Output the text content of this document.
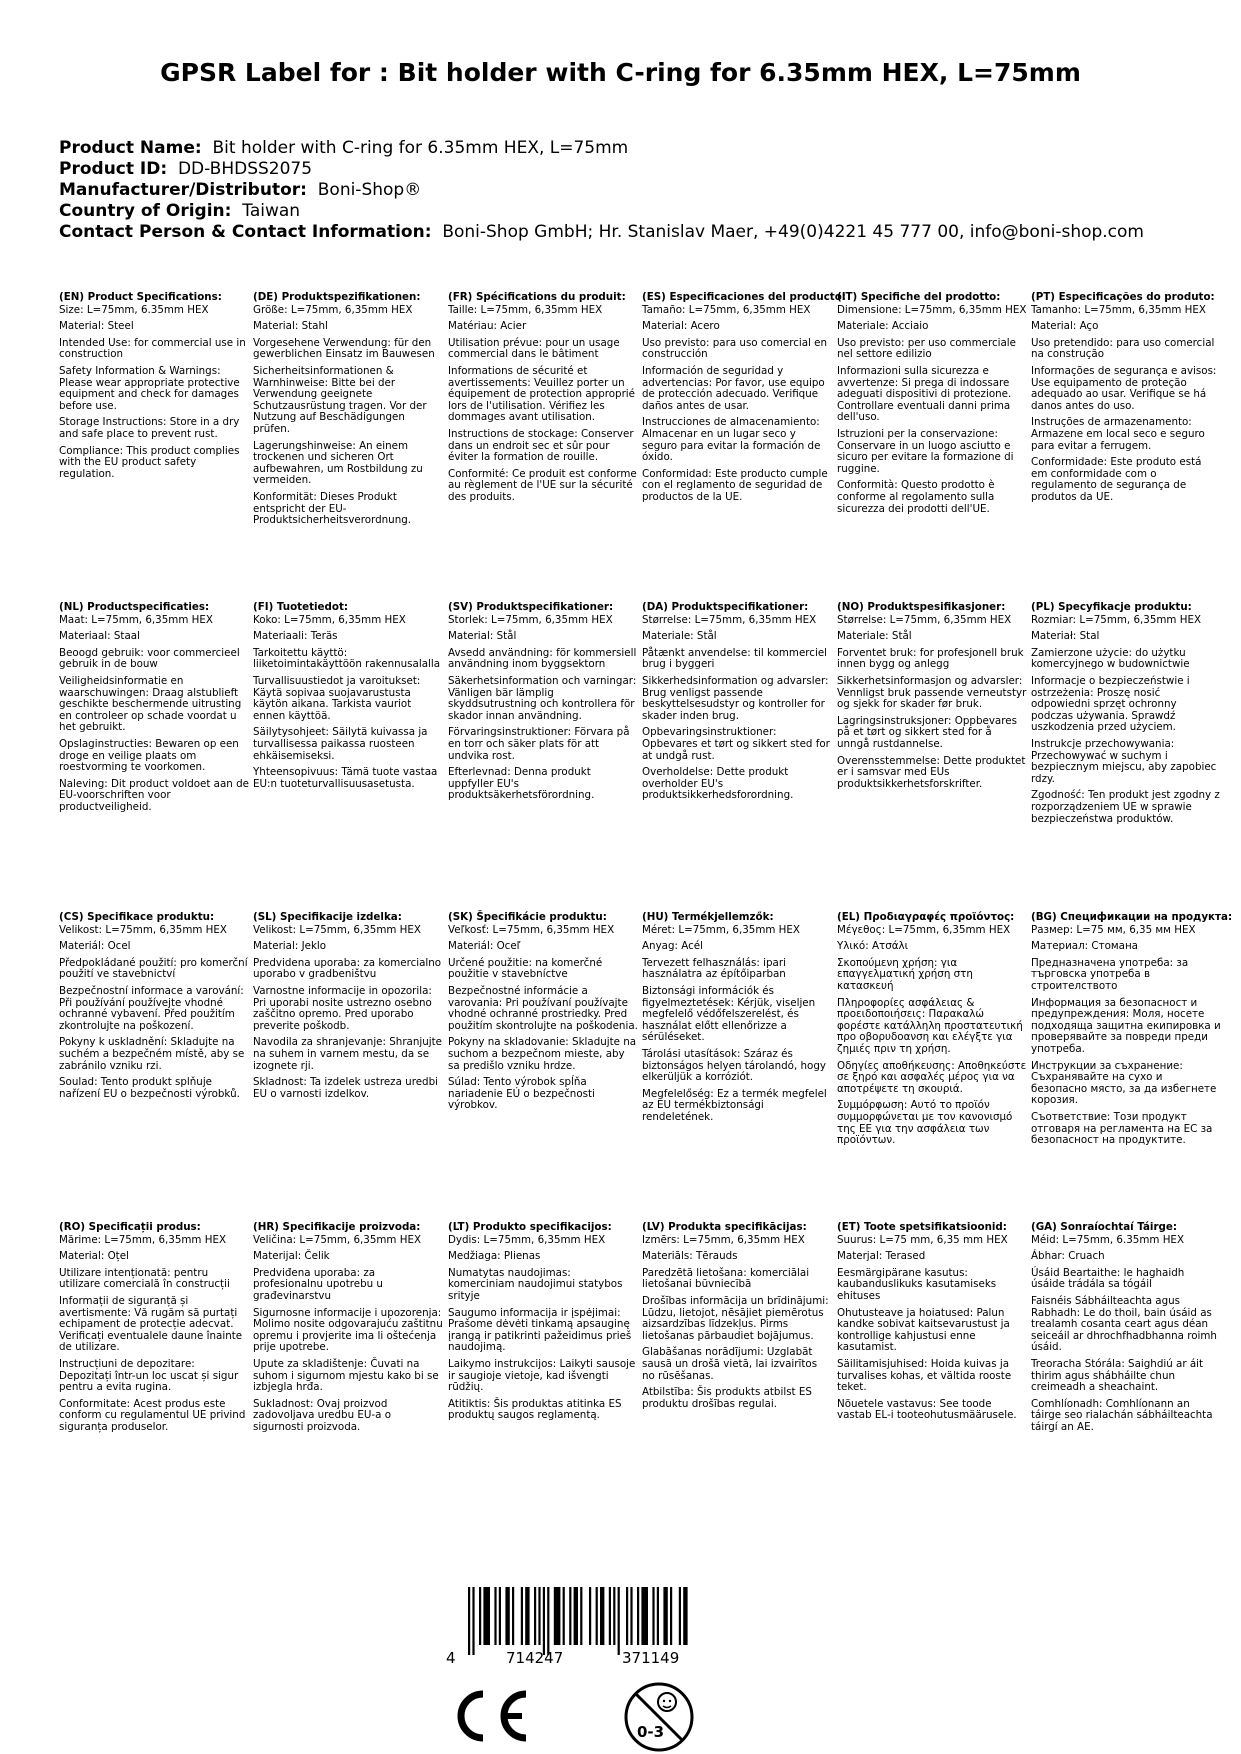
GPSR Label for : Bit holder with C-ring for 6.35mm HEX, L=75mm
Product Name: Bit holder with C-ring for 6.35mm HEX, L=75mm
Product ID: DD-BHDSS2075
Manufacturer/Distributor: Boni-Shop®
Country of Origin: Taiwan
Contact Person & Contact Information: Boni-Shop GmbH; Hr. Stanislav Maer, +49(0)4221 45 777 00, info@boni-shop.com
(EN) Product Specifications:
Size: L=75mm, 6.35mm HEX
Material: Steel
Intended Use: for commercial use in construction
Safety Information & Warnings: Please wear appropriate protective equipment and check for damages before use.
Storage Instructions: Store in a dry and safe place to prevent rust.
Compliance: This product complies with the EU product safety regulation.
(DE) Produktspezifikationen:
Größe: L=75mm, 6,35mm HEX
Material: Stahl
Vorgesehene Verwendung: für den gewerblichen Einsatz im Bauwesen
Sicherheitsinformationen & Warnhinweise: Bitte bei der Verwendung geeignete Schutzausrüstung tragen. Vor der Nutzung auf Beschädigungen prüfen.
Lagerungshinweise: An einem trockenen und sicheren Ort aufbewahren, um Rostbildung zu vermeiden.
Konformität: Dieses Produkt entspricht der EU-Produktsicherheitsverordnung.
(FR) Spécifications du produit:
Taille: L=75mm, 6,35mm HEX
Matériau: Acier
Utilisation prévue: pour un usage commercial dans le bâtiment
Informations de sécurité et avertissements: Veuillez porter un équipement de protection approprié lors de l'utilisation. Vérifiez les dommages avant utilisation.
Instructions de stockage: Conserver dans un endroit sec et sûr pour éviter la formation de rouille.
Conformité: Ce produit est conforme au règlement de l'UE sur la sécurité des produits.
(ES) Especificaciones del producto:
Tamaño: L=75mm, 6,35mm HEX
Material: Acero
Uso previsto: para uso comercial en construcción
Información de seguridad y advertencias: Por favor, use equipo de protección adecuado. Verifique daños antes de usar.
Instrucciones de almacenamiento: Almacenar en un lugar seco y seguro para evitar la formación de óxido.
Conformidad: Este producto cumple con el reglamento de seguridad de productos de la UE.
(IT) Specifiche del prodotto:
Dimensione: L=75mm, 6,35mm HEX
Materiale: Acciaio
Uso previsto: per uso commerciale nel settore edilizio
Informazioni sulla sicurezza e avvertenze: Si prega di indossare adeguati dispositivi di protezione. Controllare eventuali danni prima dell'uso.
Istruzioni per la conservazione: Conservare in un luogo asciutto e sicuro per evitare la formazione di ruggine.
Conformità: Questo prodotto è conforme al regolamento sulla sicurezza dei prodotti dell'UE.
(PT) Especificações do produto:
Tamanho: L=75mm, 6,35mm HEX
Material: Aço
Uso pretendido: para uso comercial na construção
Informações de segurança e avisos: Use equipamento de proteção adequado ao usar. Verifique se há danos antes do uso.
Instruções de armazenamento: Armazene em local seco e seguro para evitar a ferrugem.
Conformidade: Este produto está em conformidade com o regulamento de segurança de produtos da UE.
(NL) Productspecificaties:
Maat: L=75mm, 6,35mm HEX
Materiaal: Staal
Beoogd gebruik: voor commercieel gebruik in de bouw
Veiligheidsinformatie en waarschuwingen: Draag alstublieft geschikte beschermende uitrusting en controleer op schade voordat u het gebruikt.
Opslaginstructies: Bewaren op een droge en veilige plaats om roestvorming te voorkomen.
Naleving: Dit product voldoet aan de EU-voorschriften voor productveiligheid.
(FI) Tuotetiedot:
Koko: L=75mm, 6,35mm HEX
Materiaali: Teräs
Tarkoitettu käyttö: liiketoimintakäyttöön rakennusalalla
Turvallisuustiedot ja varoitukset: Käytä sopivaa suojavarustusta käytön aikana. Tarkista vauriot ennen käyttöä.
Säilytysohjeet: Säilytä kuivassa ja turvallisessa paikassa ruosteen ehkäisemiseksi.
Yhteensopivuus: Tämä tuote vastaa EU:n tuoteturvallisuusasetusta.
(SV) Produktspecifikationer:
Storlek: L=75mm, 6,35mm HEX
Material: Stål
Avsedd användning: för kommersiell användning inom byggsektorn
Säkerhetsinformation och varningar: Vänligen bär lämplig skyddsutrustning och kontrollera för skador innan användning.
Förvaringsinstruktioner: Förvara på en torr och säker plats för att undvika rost.
Efterlevnad: Denna produkt uppfyller EU's produktsäkerhetsförordning.
(DA) Produktspecifikationer:
Størrelse: L=75mm, 6,35mm HEX
Materiale: Stål
Påtænkt anvendelse: til kommerciel brug i byggeri
Sikkerhedsinformation og advarsler: Brug venligst passende beskyttelsesudstyr og kontroller for skader inden brug.
Opbevaringsinstruktioner: Opbevares et tørt og sikkert sted for at undgå rust.
Overholdelse: Dette produkt overholder EU's produktsikkerhedsforordning.
(NO) Produktspesifikasjoner:
Størrelse: L=75mm, 6,35mm HEX
Materiale: Stål
Forventet bruk: for profesjonell bruk innen bygg og anlegg
Sikkerhetsinformasjon og advarsler: Vennligst bruk passende verneutstyr og sjekk for skader før bruk.
Lagringsinstruksjoner: Oppbevares på et tørt og sikkert sted for å unngå rustdannelse.
Overensstemmelse: Dette produktet er i samsvar med EUs produktsikkerhetsforskrifter.
(PL) Specyfikacje produktu:
Rozmiar: L=75mm, 6,35mm HEX
Materiał: Stal
Zamierzone użycie: do użytku komercyjnego w budownictwie
Informacje o bezpieczeństwie i ostrzeżenia: Proszę nosić odpowiedni sprzęt ochronny podczas używania. Sprawdź uszkodzenia przed użyciem.
Instrukcje przechowywania: Przechowywać w suchym i bezpiecznym miejscu, aby zapobiec rdzy.
Zgodność: Ten produkt jest zgodny z rozporządzeniem UE w sprawie bezpieczeństwa produktów.
(CS) Specifikace produktu:
Velikost: L=75mm, 6,35mm HEX
Materiál: Ocel
Předpokládané použití: pro komerční použití ve stavebnictví
Bezpečnostní informace a varování: Při používání používejte vhodné ochranné vybavení. Před použitím zkontrolujte na poškození.
Pokyny k uskladnění: Skladujte na suchém a bezpečném místě, aby se zabránilo vzniku rzi.
Soulad: Tento produkt splňuje nařízení EU o bezpečnosti výrobků.
(SL) Specifikacije izdelka:
Velikost: L=75mm, 6,35mm HEX
Material: Jeklo
Predvidena uporaba: za komercialno uporabo v gradbeništvu
Varnostne informacije in opozorila: Pri uporabi nosite ustrezno osebno zaščitno opremo. Pred uporabo preverite poškodb.
Navodila za shranjevanje: Shranjujte na suhem in varnem mestu, da se izognete rji.
Skladnost: Ta izdelek ustreza uredbi EU o varnosti izdelkov.
(SK) Špecifikácie produktu:
Veľkosť: L=75mm, 6,35mm HEX
Materiál: Oceľ
Určené použitie: na komerčné použitie v stavebníctve
Bezpečnostné informácie a varovania: Pri používaní používajte vhodné ochranné prostriedky. Pred použitím skontrolujte na poškodenia.
Pokyny na skladovanie: Skladujte na suchom a bezpečnom mieste, aby sa predišlo vzniku hrdze.
Súlad: Tento výrobok spĺňa nariadenie EÚ o bezpečnosti výrobkov.
(HU) Termékjellemzők:
Méret: L=75mm, 6,35mm HEX
Anyag: Acél
Tervezett felhasználás: ipari használatra az építőiparban
Biztonsági információk és figyelmeztetések: Kérjük, viseljen megfelelő védőfelszerelést, és használat előtt ellenőrizze a sérüléseket.
Tárolási utasítások: Száraz és biztonságos helyen tárolandó, hogy elkerüljük a korróziót.
Megfelelőség: Ez a termék megfelel az EU termékbiztonsági rendeletének.
(EL) Προδιαγραφές προϊόντος:
Μέγεθος: L=75mm, 6,35mm HEX
Υλικό: Ατσάλι
Σκοπούμενη χρήση: για επαγγελματική χρήση στη κατασκευή
Πληροφορίες ασφάλειας & προειδοποιήσεις: Παρακαλώ φορέστε κατάλληλη προστατευτική προ οβορυδοανση και ελέγξτε για ζημιές πριν τη χρήση.
Οδηγίες αποθήκευσης: Αποθηκεύστε σε ξηρό και ασφαλές μέρος για να αποτρέψετε τη σκουριά.
Συμμόρφωση: Αυτό το προϊόν συμμορφώνεται με τον κανονισμό της ΕΕ για την ασφάλεια των προϊόντων.
(BG) Спецификации на продукта:
Размер: L=75 мм, 6,35 мм HEX
Материал: Стомана
Предназначена употреба: за търговска употреба в строителството
Информация за безопасност и предупреждения: Моля, носете подходяща защитна екипировка и проверявайте за повреди преди употреба.
Инструкции за съхранение: Съхранявайте на сухо и безопасно място, за да избегнете корозия.
Съответствие: Този продукт отговаря на регламента на ЕС за безопасност на продуктите.
(RO) Specificații produs:
Mărime: L=75mm, 6,35mm HEX
Material: Oțel
Utilizare intenționată: pentru utilizare comercială în construcții
Informații de siguranță și avertismente: Vă rugăm să purtați echipament de protecție adecvat. Verificați eventualele daune înainte de utilizare.
Instrucțiuni de depozitare: Depozitați într-un loc uscat și sigur pentru a evita rugina.
Conformitate: Acest produs este conform cu regulamentul UE privind siguranța produselor.
(HR) Specifikacije proizvoda:
Veličina: L=75mm, 6,35mm HEX
Materijal: Čelik
Predviđena uporaba: za profesionalnu upotrebu u građevinarstvu
Sigurnosne informacije i upozorenja: Molimo nosite odgovarajuću zaštitnu opremu i provjerite ima li oštećenja prije upotrebe.
Upute za skladištenje: Čuvati na suhom i sigurnom mjestu kako bi se izbjegla hrđa.
Sukladnost: Ovaj proizvod zadovoljava uredbu EU-a o sigurnosti proizvoda.
(LT) Produkto specifikacijos:
Dydis: L=75mm, 6,35mm HEX
Medžiaga: Plienas
Numatytas naudojimas: komerciniam naudojimui statybos srityje
Saugumo informacija ir įspėjimai: Prašome dėvėti tinkamą apsauginę įrangą ir patikrinti pažeidimus prieš naudojimą.
Laikymo instrukcijos: Laikyti sausoje ir saugioje vietoje, kad išvengti rūdžių.
Atitiktis: Šis produktas atitinka ES produktų saugos reglamentą.
(LV) Produkta specifikācijas:
Izmērs: L=75mm, 6,35mm HEX
Materiāls: Tērauds
Paredzētā lietošana: komerciālai lietošanai būvniecībā
Drošības informācija un brīdinājumi: Lūdzu, lietojot, nēsājiet piemērotus aizsardzības līdzekļus. Pirms lietošanas pārbaudiet bojājumus.
Glabāšanas norādījumi: Uzglabāt sausā un drošā vietā, lai izvairītos no rūsēšanas.
Atbilstība: Šis produkts atbilst ES produktu drošības regulai.
(ET) Toote spetsifikatsioonid:
Suurus: L=75 mm, 6,35 mm HEX
Materjal: Terased
Eesmärgipärane kasutus: kaubanduslikuks kasutamiseks ehituses
Ohutusteave ja hoiatused: Palun kandke sobivat kaitsevarustust ja kontrollige kahjustusi enne kasutamist.
Säilitamisjuhised: Hoida kuivas ja turvalises kohas, et vältida rooste teket.
Nõuetele vastavus: See toode vastab EL-i tooteohutusmäärusele.
(GA) Sonraíochtaí Táirge:
Méid: L=75mm, 6.35mm HEX
Ábhar: Cruach
Úsáid Beartaithe: le haghaidh úsáide trádála sa tógáil
Faisnéis Sábháilteachta agus Rabhadh: Le do thoil, bain úsáid as trealamh cosanta ceart agus déan seiceáil ar dhrochfhadbhanna roimh úsáid.
Treoracha Stórála: Saighdiú ar áit thirim agus shábháilte chun creimeadh a sheachaint.
Comhlíonadh: Comhlíonann an táirge seo rialachán sábháilteachta táirgí an AE.
4	714247	371149
0-3
